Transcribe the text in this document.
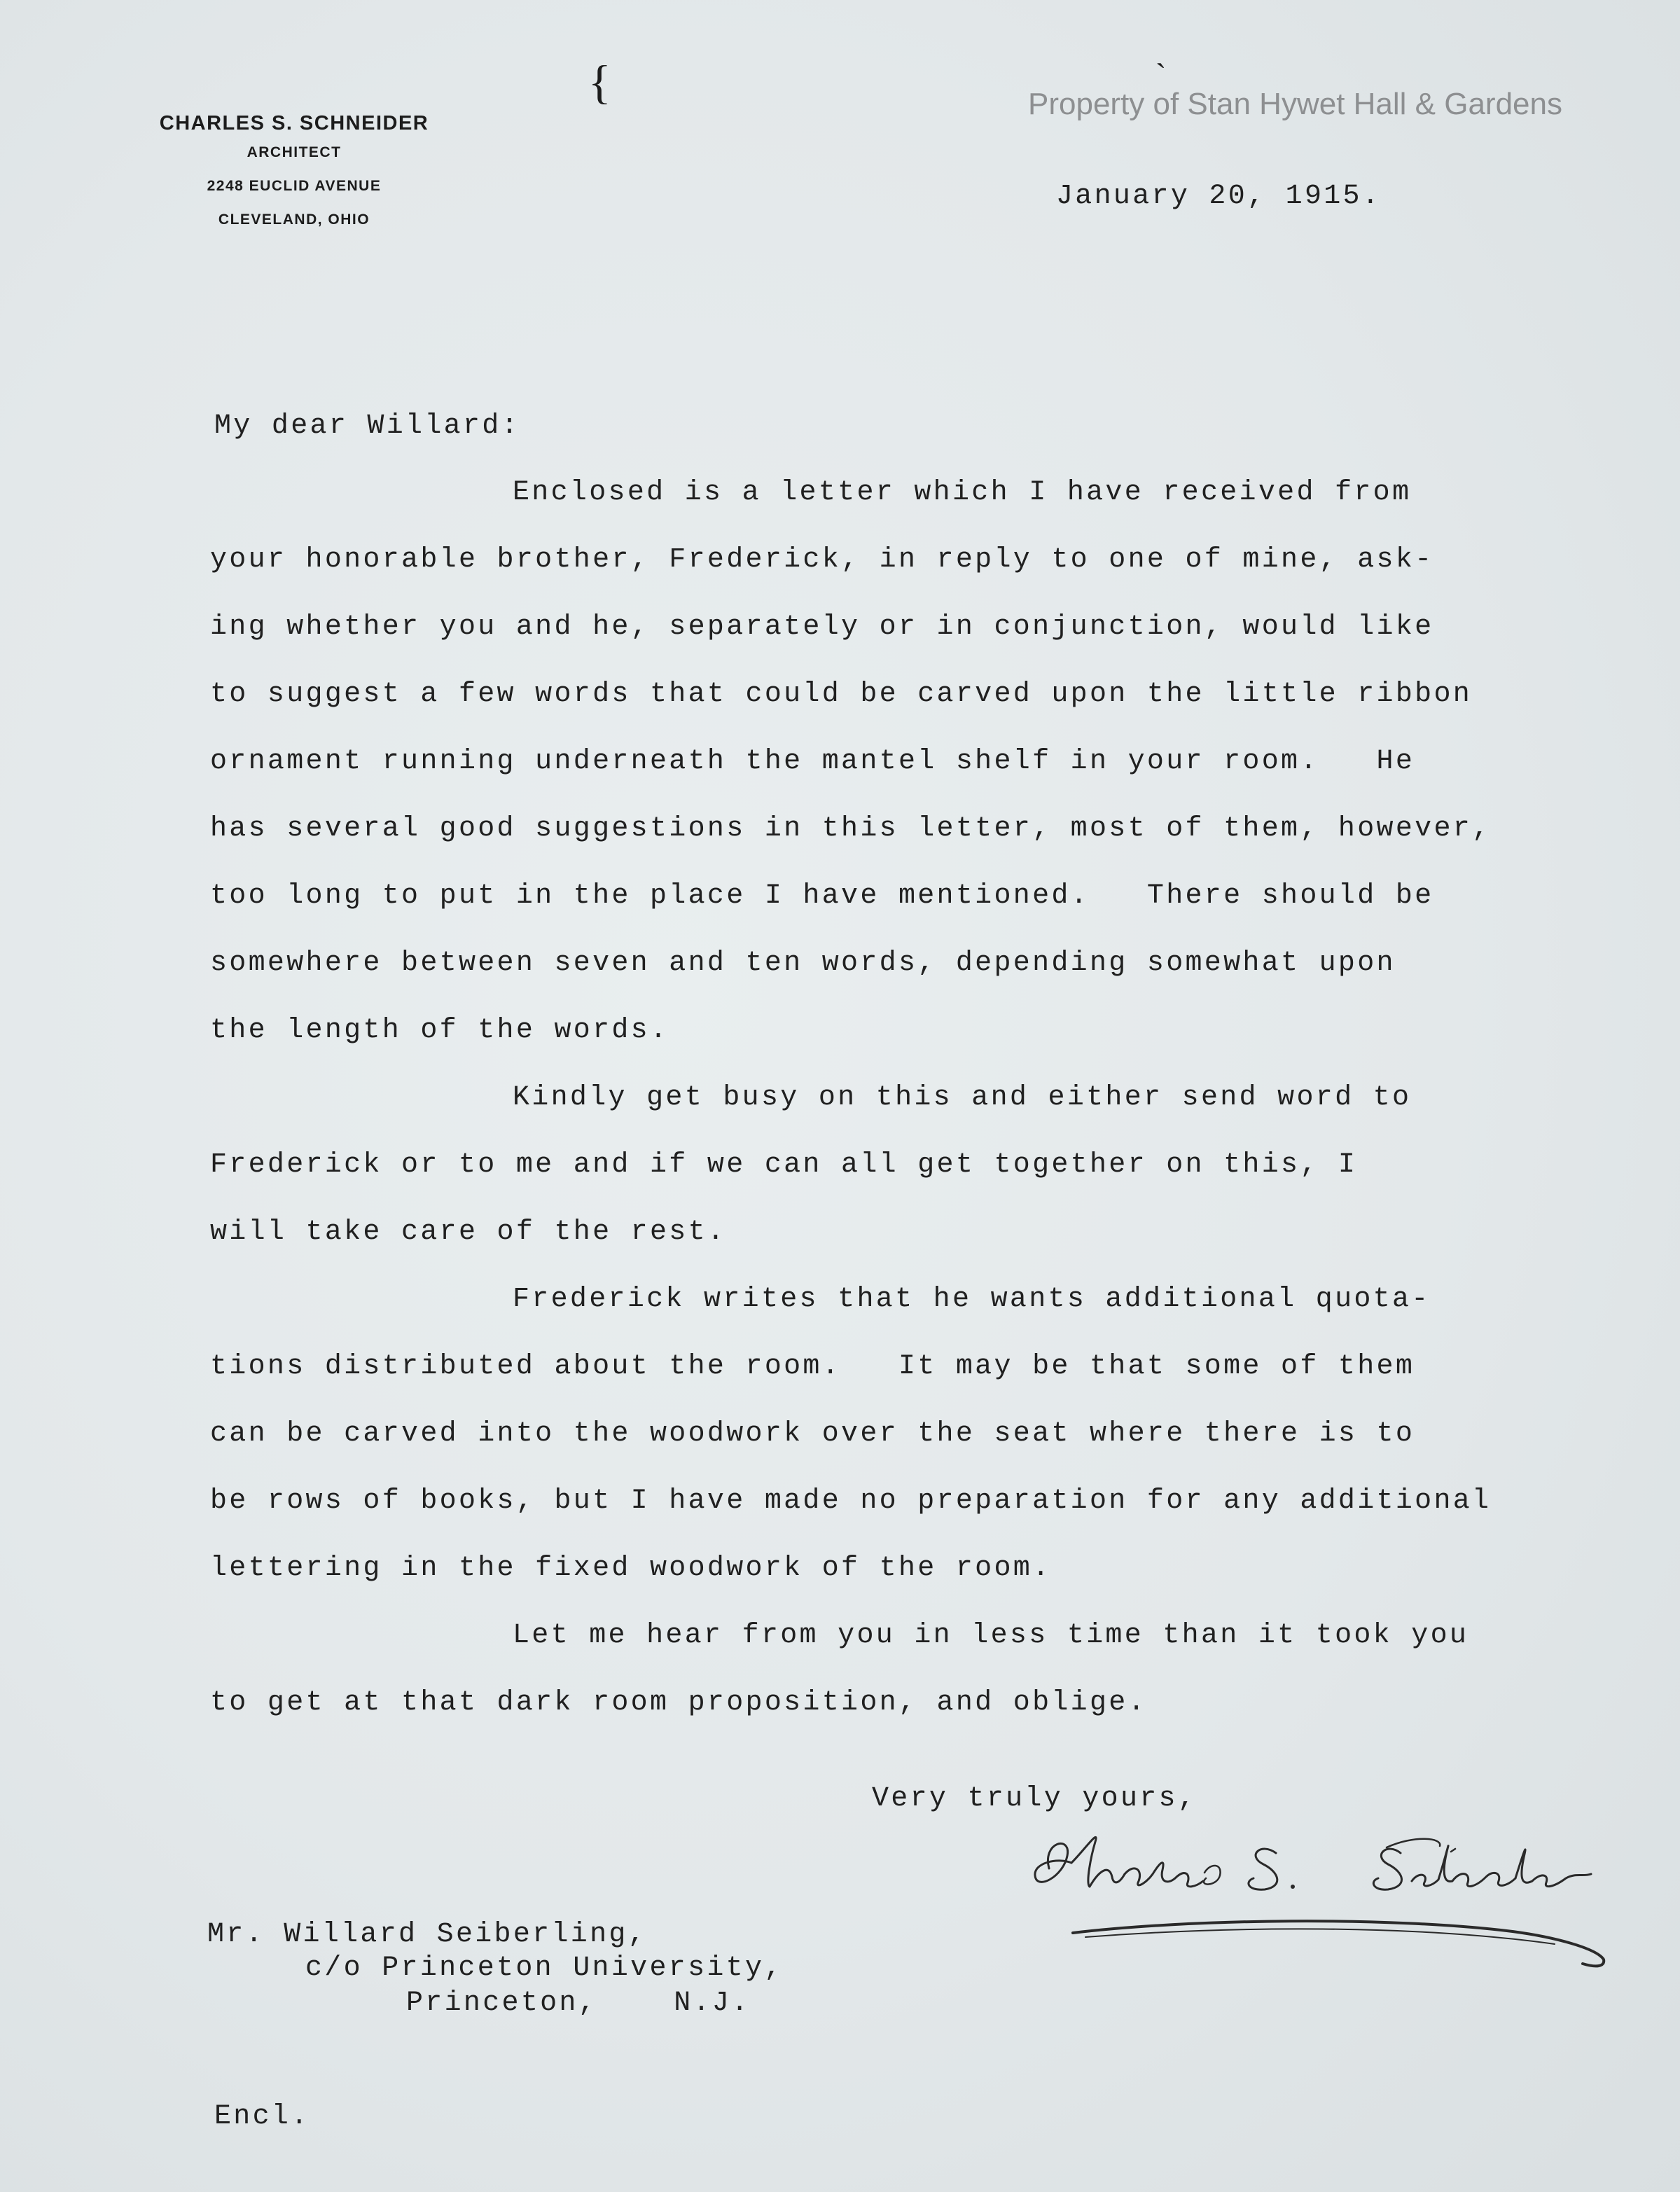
CHARLES S. SCHNEIDER
ARCHITECT
2248 EUCLID AVENUE
CLEVELAND, OHIO
{	ˋ
Property of Stan Hywet Hall & Gardens
January 20, 1915.
My dear Willard:
Enclosed is a letter which I have received from
your honorable brother, Frederick, in reply to one of mine, ask-
ing whether you and he, separately or in conjunction, would like
to suggest a few words that could be carved upon the little ribbon
ornament running underneath the mantel shelf in your room.   He
has several good suggestions in this letter, most of them, however,
too long to put in the place I have mentioned.   There should be
somewhere between seven and ten words, depending somewhat upon
the length of the words.
Kindly get busy on this and either send word to
Frederick or to me and if we can all get together on this, I
will take care of the rest.
Frederick writes that he wants additional quota-
tions distributed about the room.   It may be that some of them
can be carved into the woodwork over the seat where there is to
be rows of books, but I have made no preparation for any additional
lettering in the fixed woodwork of the room.
Let me hear from you in less time than it took you
to get at that dark room proposition, and oblige.
Very truly yours,
Mr. Willard Seiberling,
c/o Princeton University,
Princeton,    N.J.
Encl.
